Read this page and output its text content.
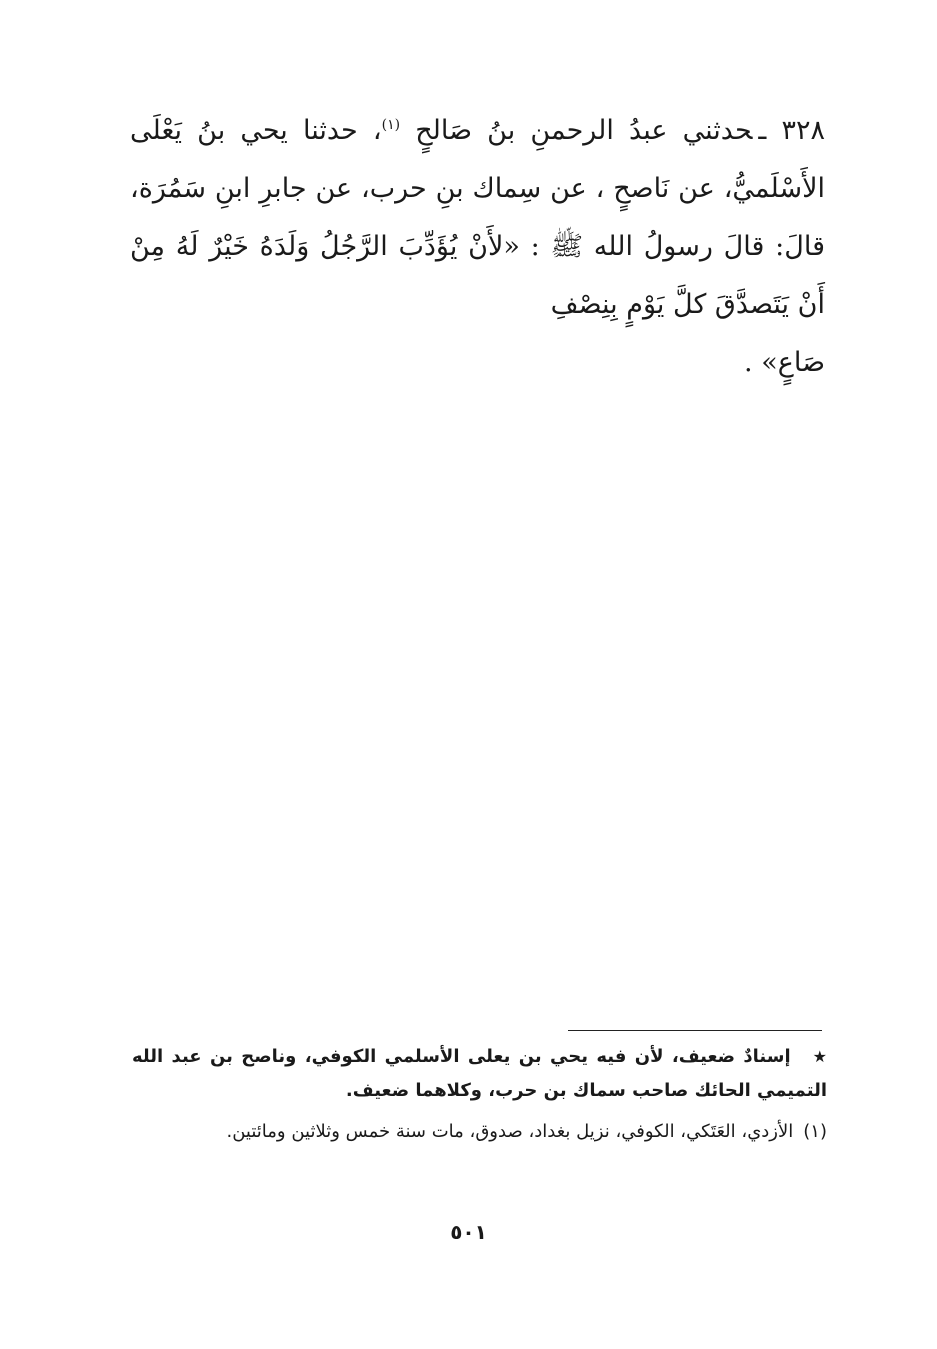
٣٢٨ ـحدثني عبدُ الرحمنِ بنُ صَالحٍ $^{(١)}$، حدثنا يحي بنُ يَعْلَى الأَسْلَميُّ، عن نَاصحٍ ، عن سِماك بنِ حرب، عن جابرِ ابنِ سَمُرَة، قالَ: قالَ رسولُ الله ﷺ : «لأَنْ يُؤَدِّبَ الرَّجُلُ وَلَدَهُ خَيْرٌ لَهُ مِنْ أَنْ يَتَصدَّقَ كلَّ يَوْمٍ بِنِصْفِ
صَاعٍ» .
★إسنادٌ ضعيف، لأن فيه يحي بن يعلى الأسلمي الكوفي، وناصح بن عبد الله التميمي الحائك صاحب سماك بن حرب، وكلاهما ضعيف.
(١)الأزدي، العَتَكي، الكوفي، نزيل بغداد، صدوق، مات سنة خمس وثلاثين ومائتين.
٥٠١
